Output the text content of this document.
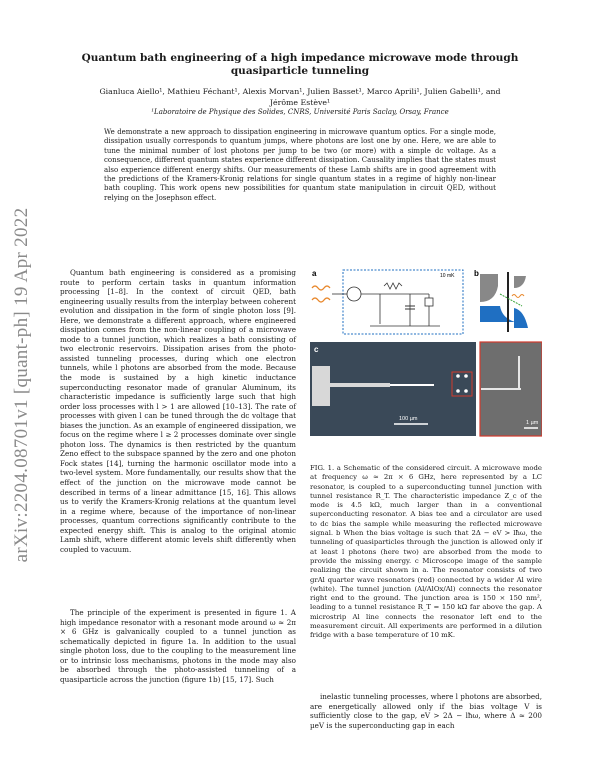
arXiv:2204.08701v1 [quant-ph] 19 Apr 2022
Quantum bath engineering of a high impedance microwave mode through quasiparticle tunneling
Gianluca Aiello¹, Mathieu Féchant¹, Alexis Morvan¹, Julien Basset¹, Marco Aprili¹, Julien Gabelli¹, and Jérôme Estève¹
¹Laboratoire de Physique des Solides, CNRS, Université Paris Saclay, Orsay, France
We demonstrate a new approach to dissipation engineering in microwave quantum optics. For a single mode, dissipation usually corresponds to quantum jumps, where photons are lost one by one. Here, we are able to tune the minimal number of lost photons per jump to be two (or more) with a simple dc voltage. As a consequence, different quantum states experience different dissipation. Causality implies that the states must also experience different energy shifts. Our measurements of these Lamb shifts are in good agreement with the predictions of the Kramers-Kronig relations for single quantum states in a regime of highly non-linear bath coupling. This work opens new possibilities for quantum state manipulation in circuit QED, without relying on the Josephson effect.

Quantum bath engineering is considered as a promising route to perform certain tasks in quantum information processing [1–8]. In the context of circuit QED, bath engineering usually results from the interplay between coherent evolution and dissipation in the form of single photon loss [9]. Here, we demonstrate a different approach, where engineered dissipation comes from the non-linear coupling of a microwave mode to a tunnel junction, which realizes a bath consisting of two electronic reservoirs. Dissipation arises from the photo-assisted tunneling processes, during which one electron tunnels, while l photons are absorbed from the mode. Because the mode is sustained by a high kinetic inductance superconducting resonator made of granular Aluminum, its characteristic impedance is sufficiently large such that high order loss processes with l > 1 are allowed [10–13]. The rate of processes with given l can be tuned through the dc voltage that biases the junction. As an example of engineered dissipation, we focus on the regime where l ≥ 2 processes dominate over single photon loss. The dynamics is then restricted by the quantum Zeno effect to the subspace spanned by the zero and one photon Fock states [14], turning the harmonic oscillator mode into a two-level system. More fundamentally, our results show that the effect of the junction on the microwave mode cannot be described in terms of a linear admittance [15, 16]. This allows us to verify the Kramers-Kronig relations at the quantum level in a regime where, because of the importance of non-linear processes, quantum corrections significantly contribute to the expected energy shift. This is analog to the original atomic Lamb shift, where different atomic levels shift differently when coupled to vacuum.

The principle of the experiment is presented in figure 1. A high impedance resonator with a resonant mode around ω ≈ 2π × 6 GHz is galvanically coupled to a tunnel junction as schematically depicted in figure 1a. In addition to the usual single photon loss, due to the coupling to the measurement line or to intrinsic loss mechanisms, photons in the mode may also be absorbed through the photo-assisted tunneling of a quasiparticle across the junction (figure 1b) [15, 17]. Such

a	10 mK b
c
100 µm
1 µm
FIG. 1. a Schematic of the considered circuit. A microwave mode at frequency ω ≈ 2π × 6 GHz, here represented by a LC resonator, is coupled to a superconducting tunnel junction with tunnel resistance R_T. The characteristic impedance Z_c of the mode is 4.5 kΩ, much larger than in a conventional superconducting resonator. A bias tee and a circulator are used to dc bias the sample while measuring the reflected microwave signal. b When the bias voltage is such that 2Δ − eV > lħω, the tunneling of quasiparticles through the junction is allowed only if at least l photons (here two) are absorbed from the mode to provide the missing energy. c Microscope image of the sample realizing the circuit shown in a. The resonator consists of two grAl quarter wave resonators (red) connected by a wider Al wire (white). The tunnel junction (Al/AlOx/Al) connects the resonator right end to the ground. The junction area is 150 × 150 nm², leading to a tunnel resistance R_T = 150 kΩ far above the gap. A microstrip Al line connects the resonator left end to the measurement circuit. All experiments are performed in a dilution fridge with a base temperature of 10 mK.

inelastic tunneling processes, where l photons are absorbed, are energetically allowed only if the bias voltage V is sufficiently close to the gap, eV > 2Δ − lħω, where Δ ≈ 200 µeV is the superconducting gap in each
